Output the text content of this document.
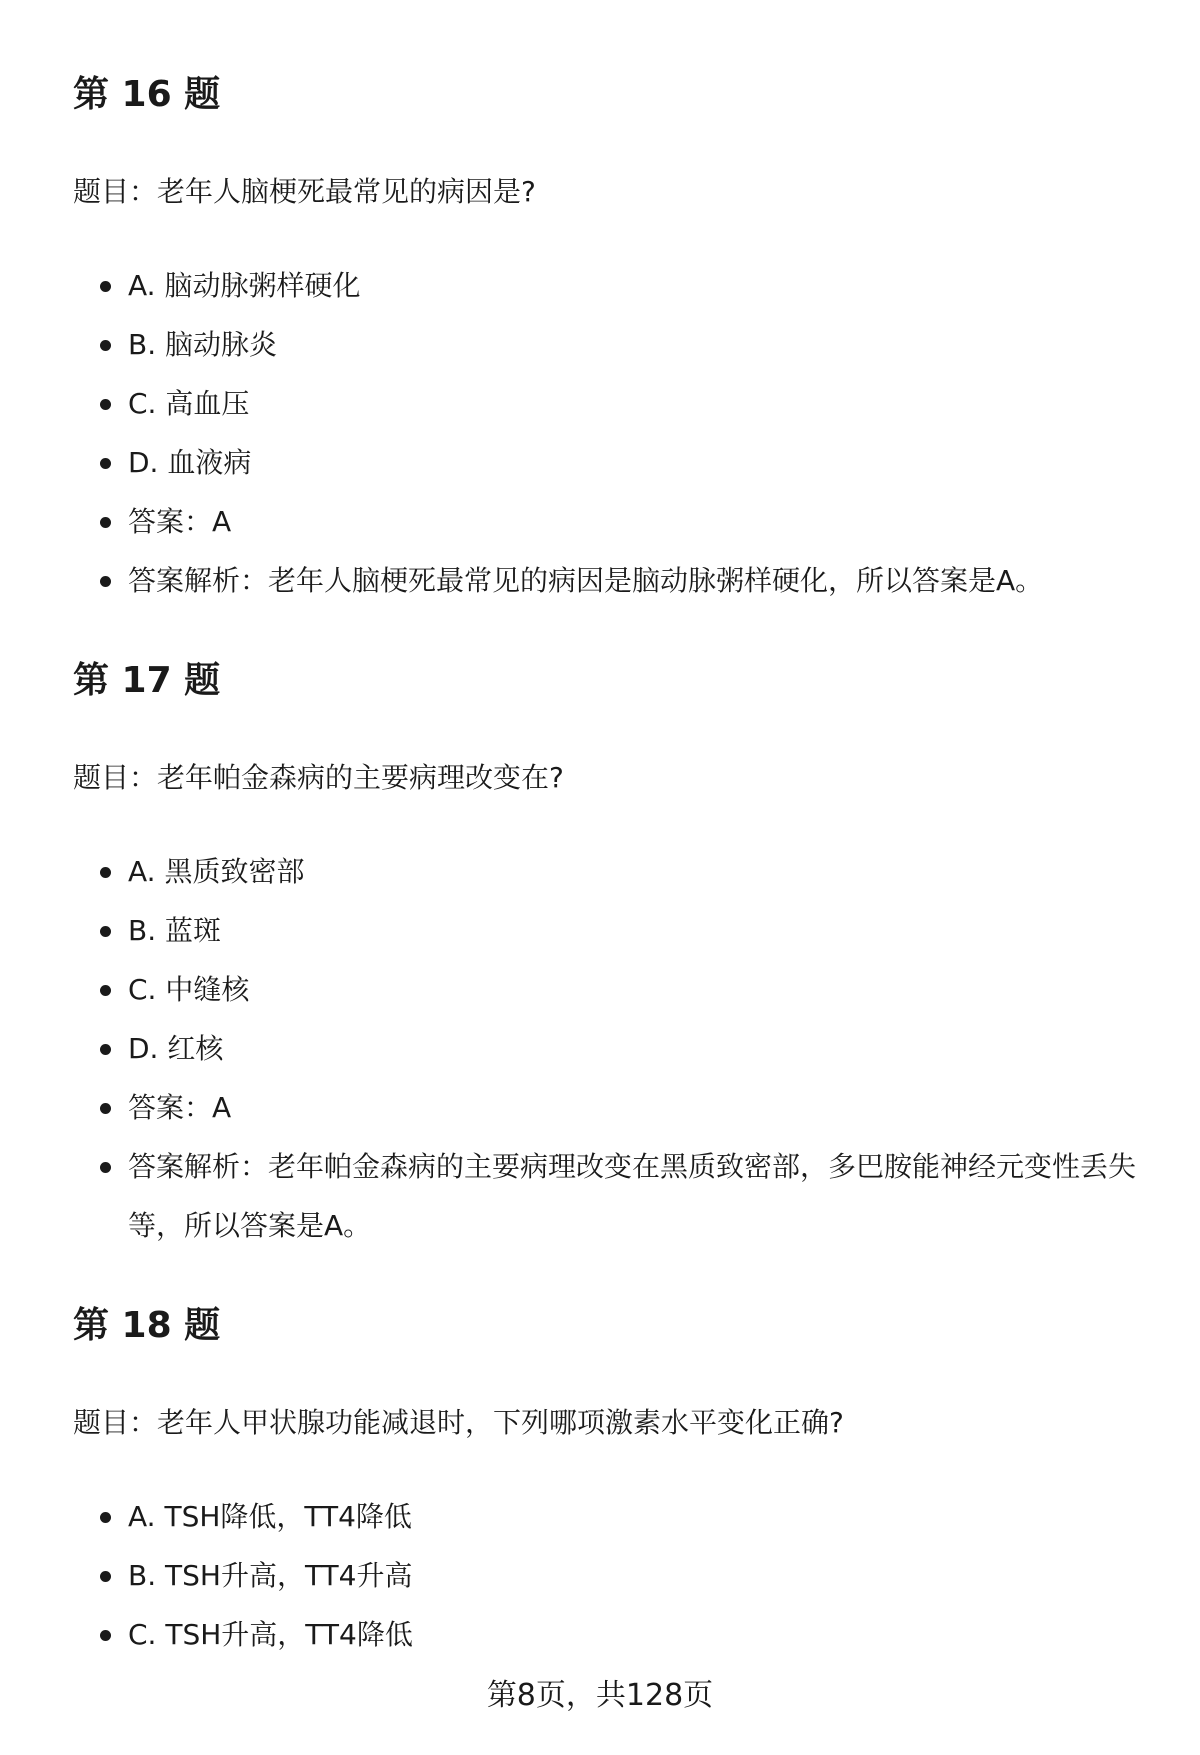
第 16 题

题目：老年人脑梗死最常见的病因是?

A. 脑动脉粥样硬化
B. 脑动脉炎
C. 高血压
D. 血液病
答案：A
答案解析：老年人脑梗死最常见的病因是脑动脉粥样硬化，所以答案是A。
第 17 题

题目：老年帕金森病的主要病理改变在?

A. 黑质致密部
B. 蓝斑
C. 中缝核
D. 红核
答案：A
答案解析：老年帕金森病的主要病理改变在黑质致密部，多巴胺能神经元变性丢失等，所以答案是A。
第 18 题

题目：老年人甲状腺功能减退时，下列哪项激素水平变化正确?

A. TSH降低，TT4降低
B. TSH升高，TT4升高
C. TSH升高，TT4降低
第8页，共128页
